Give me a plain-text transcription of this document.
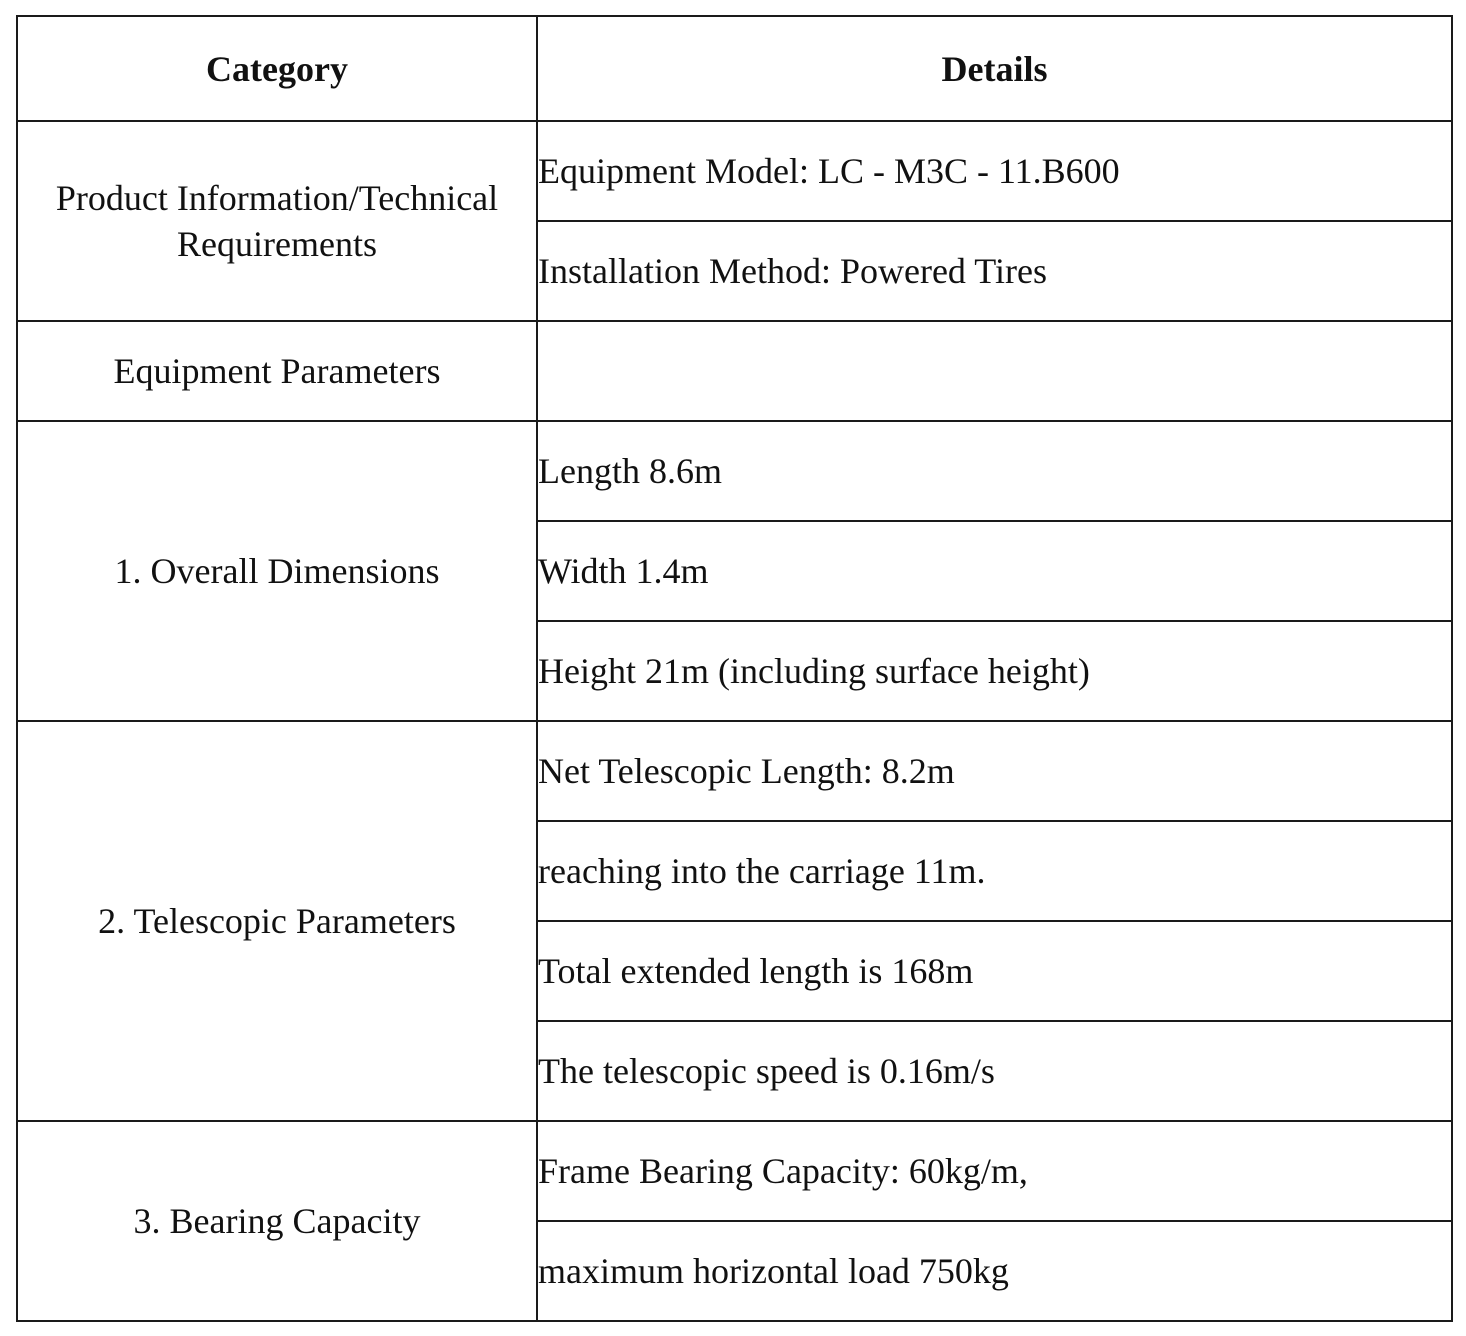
Category	Details
Product Information/Technical Requirements	Equipment Model: LC - M3C - 11.B600
	Installation Method: Powered Tires
Equipment Parameters	
1. Overall Dimensions	Length 8.6m
	Width 1.4m
	Height 21m (including surface height)
2. Telescopic Parameters	Net Telescopic Length: 8.2m
	reaching into the carriage 11m.
	Total extended length is 168m
	The telescopic speed is 0.16m/s
3. Bearing Capacity	Frame Bearing Capacity: 60kg/m,
	maximum horizontal load 750kg
